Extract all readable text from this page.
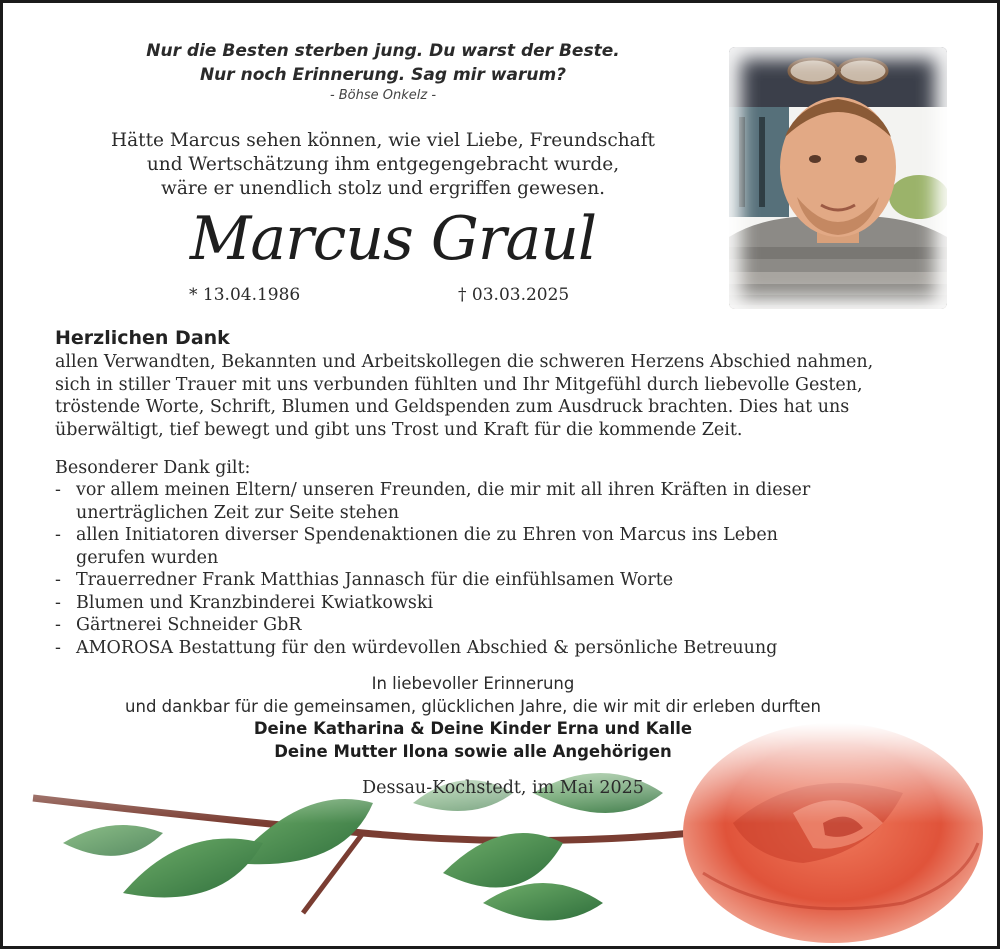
Nur die Besten sterben jung. Du warst der Beste.
Nur noch Erinnerung. Sag mir warum?
- Böhse Onkelz -
Hätte Marcus sehen können, wie viel Liebe, Freundschaft
und Wertschätzung ihm entgegengebracht wurde,
wäre er unendlich stolz und ergriffen gewesen.
Marcus Graul
* 13.04.1986	† 03.03.2025
Herzlichen Dank
allen Verwandten, Bekannten und Arbeitskollegen die schweren Herzens Abschied nahmen,
sich in stiller Trauer mit uns verbunden fühlten und Ihr Mitgefühl durch liebevolle Gesten,
tröstende Worte, Schrift, Blumen und Geldspenden zum Ausdruck brachten. Dies hat uns
überwältigt, tief bewegt und gibt uns Trost und Kraft für die kommende Zeit.
Besonderer Dank gilt:
- vor allem meinen Eltern/ unseren Freunden, die mir mit all ihren Kräften in dieser
unerträglichen Zeit zur Seite stehen
- allen Initiatoren diverser Spendenaktionen die zu Ehren von Marcus ins Leben
gerufen wurden
- Trauerredner Frank Matthias Jannasch für die einfühlsamen Worte
- Blumen und Kranzbinderei Kwiatkowski
- Gärtnerei Schneider GbR
- AMOROSA Bestattung für den würdevollen Abschied & persönliche Betreuung
In liebevoller Erinnerung
und dankbar für die gemeinsamen, glücklichen Jahre, die wir mit dir erleben durften
Deine Katharina & Deine Kinder Erna und Kalle
Deine Mutter Ilona sowie alle Angehörigen
Dessau-Kochstedt, im Mai 2025
